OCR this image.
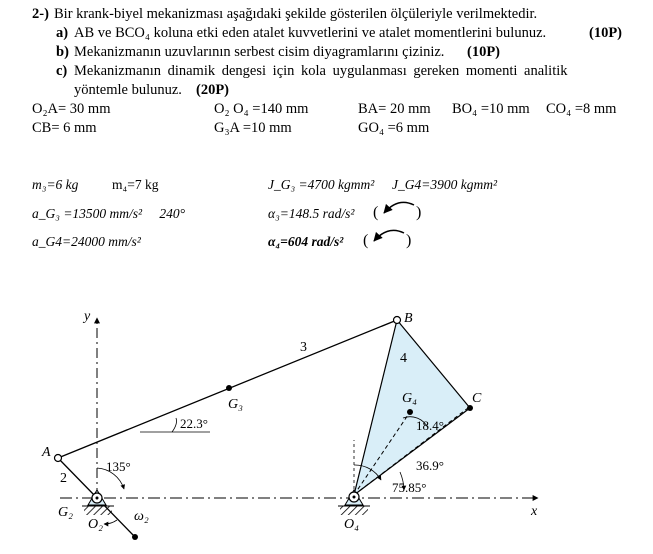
2-) Bir krank-biyel mekanizması aşağıdaki şekilde gösterilen ölçüleriyle verilmektedir.
a) AB ve BCO₄ koluna etki eden atalet kuvvetlerini ve atalet momentlerini bulunuz.	(10P)
b) Mekanizmanın uzuvlarının serbest cisim diyagramlarını çiziniz. (10P)
c) Mekanizmanın dinamik dengesi için kola uygulanması gereken momenti analitik
yöntemle bulunuz. (20P)
O₂A= 30 mm	O₂ O₄ =140 mm	BA= 20 mm BO₄ =10 mm CO₄ =8 mm
CB= 6 mm	G₃A =10 mm	GO₄ =6 mm
m₃=6 kg m₄=7 kg	J_G₃ =4700 kgmm² J_G4=3900 kgmm²
a_G₃ =13500 mm/s² ⃞ 240°	α₃=148.5 rad/s²
a_G4=24000 mm/s²	α₄=604 rad/s²
( )
( )
y
x
A
B
C
G₂
O₂	O₄
G₃	G₄
2
3
4
ω₂
22.3°
135°
18.4°
36.9°
75.85°
